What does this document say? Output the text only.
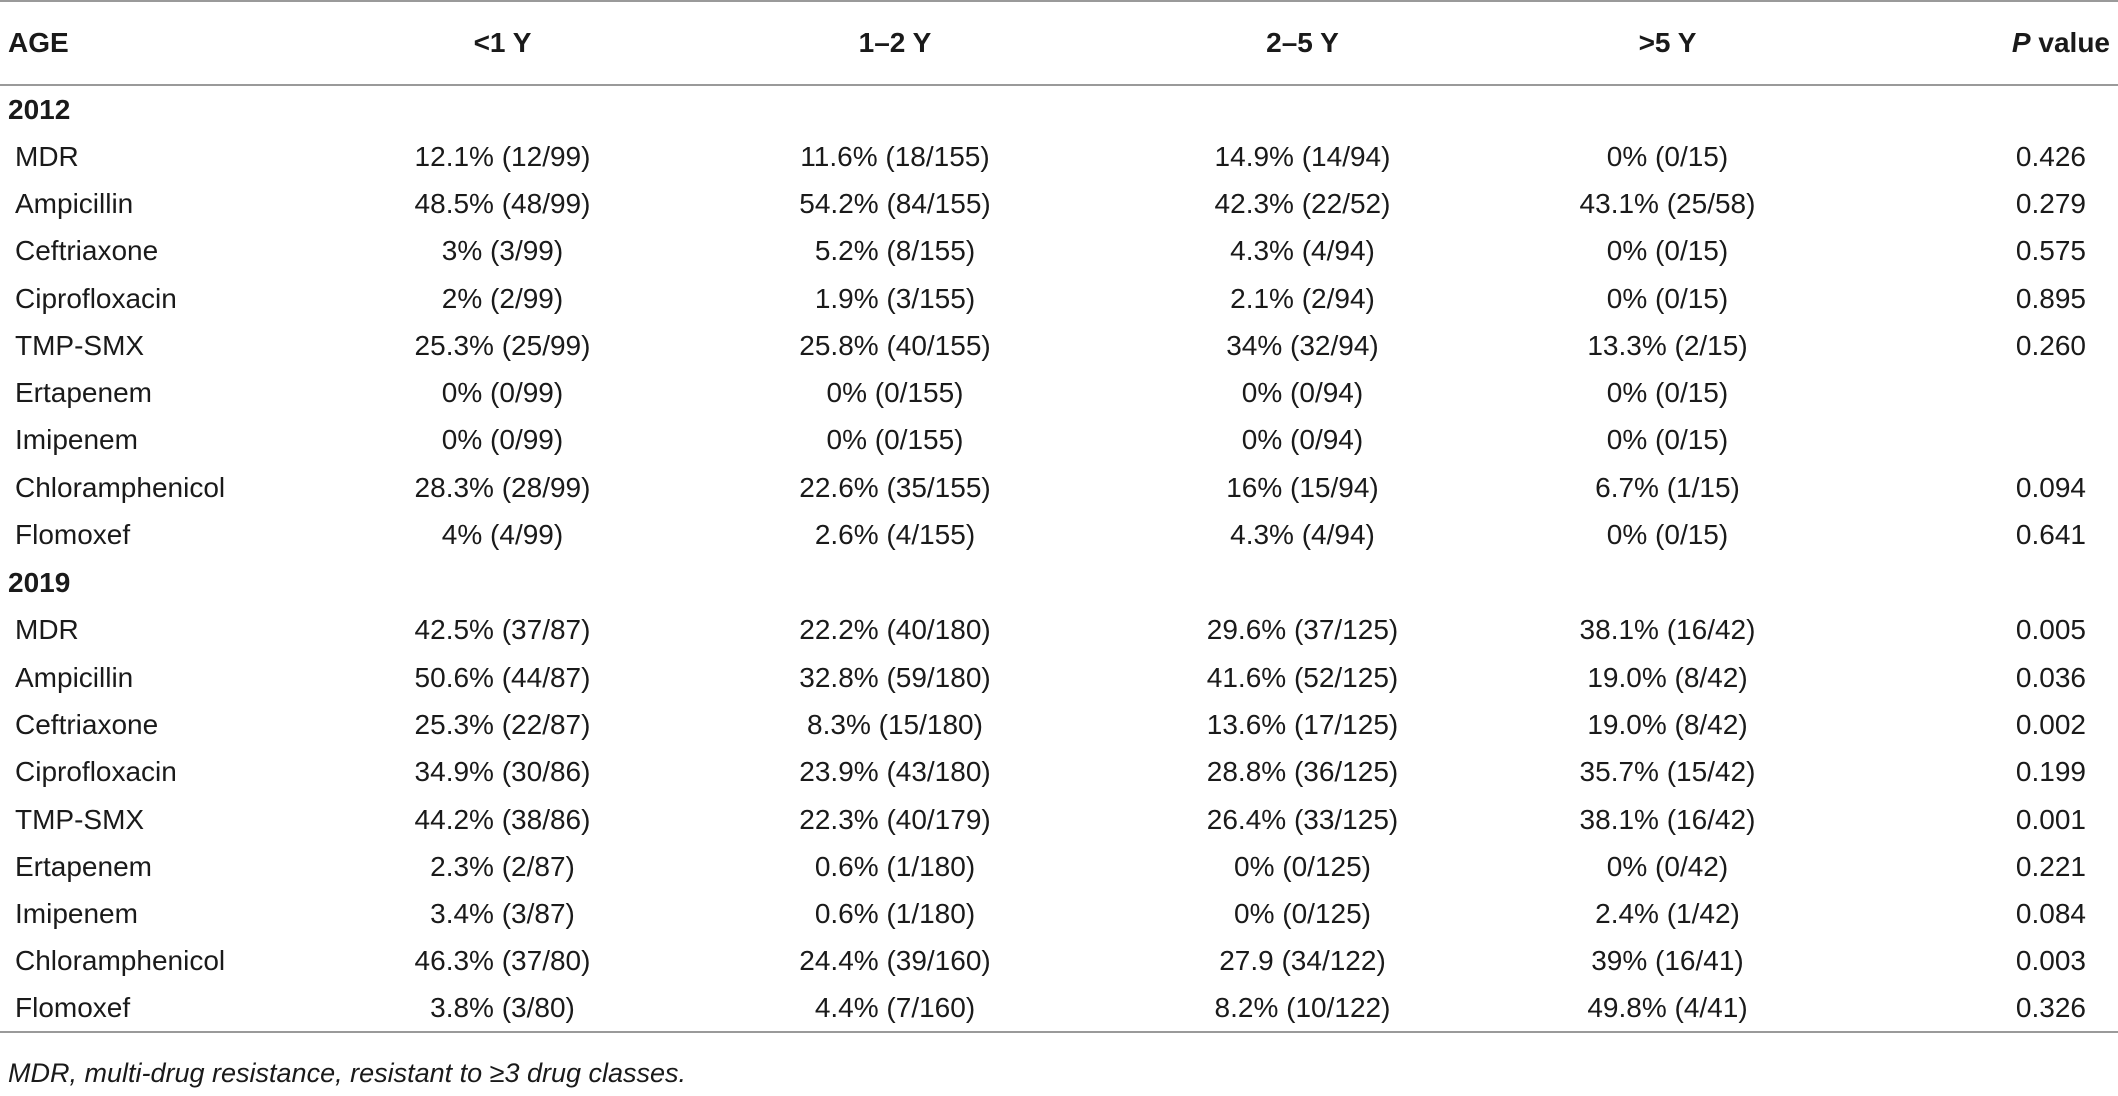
AGE	<1 Y	1–2 Y	2–5 Y	>5 Y	P value
2012					
MDR	12.1% (12/99)	11.6% (18/155)	14.9% (14/94)	0% (0/15)	0.426
Ampicillin	48.5% (48/99)	54.2% (84/155)	42.3% (22/52)	43.1% (25/58)	0.279
Ceftriaxone	3% (3/99)	5.2% (8/155)	4.3% (4/94)	0% (0/15)	0.575
Ciprofloxacin	2% (2/99)	1.9% (3/155)	2.1% (2/94)	0% (0/15)	0.895
TMP-SMX	25.3% (25/99)	25.8% (40/155)	34% (32/94)	13.3% (2/15)	0.260
Ertapenem	0% (0/99)	0% (0/155)	0% (0/94)	0% (0/15)	
Imipenem	0% (0/99)	0% (0/155)	0% (0/94)	0% (0/15)	
Chloramphenicol	28.3% (28/99)	22.6% (35/155)	16% (15/94)	6.7% (1/15)	0.094
Flomoxef	4% (4/99)	2.6% (4/155)	4.3% (4/94)	0% (0/15)	0.641
2019					
MDR	42.5% (37/87)	22.2% (40/180)	29.6% (37/125)	38.1% (16/42)	0.005
Ampicillin	50.6% (44/87)	32.8% (59/180)	41.6% (52/125)	19.0% (8/42)	0.036
Ceftriaxone	25.3% (22/87)	8.3% (15/180)	13.6% (17/125)	19.0% (8/42)	0.002
Ciprofloxacin	34.9% (30/86)	23.9% (43/180)	28.8% (36/125)	35.7% (15/42)	0.199
TMP-SMX	44.2% (38/86)	22.3% (40/179)	26.4% (33/125)	38.1% (16/42)	0.001
Ertapenem	2.3% (2/87)	0.6% (1/180)	0% (0/125)	0% (0/42)	0.221
Imipenem	3.4% (3/87)	0.6% (1/180)	0% (0/125)	2.4% (1/42)	0.084
Chloramphenicol	46.3% (37/80)	24.4% (39/160)	27.9 (34/122)	39% (16/41)	0.003
Flomoxef	3.8% (3/80)	4.4% (7/160)	8.2% (10/122)	49.8% (4/41)	0.326
MDR, multi-drug resistance, resistant to ≥3 drug classes.
